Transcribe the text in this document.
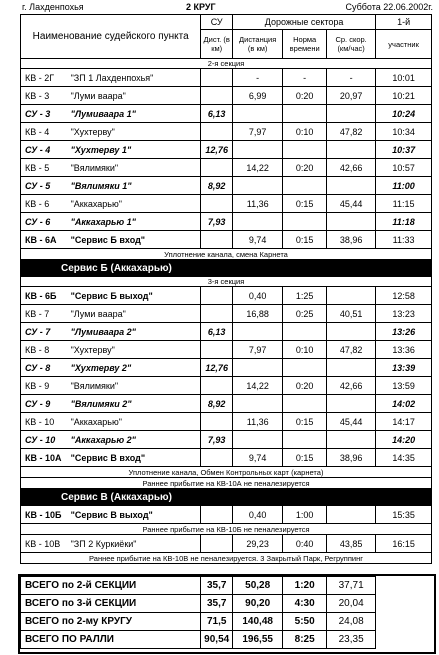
г. Лахденпохья	2 КРУГ	Суббота 22.06.2002г.
Наименование судейского пункта		СУ	Дорожные сектора			1-й
		Дист. (в км)	Дистанция (в км)	Норма времени	Ср. скор. (км/час)	участник
2-я секция						
КВ - 2Г	"ЗП 1 Лахденпохья"		-	-	-	10:01
КВ - 3	"Луми ваара"		6,99	0:20	20,97	10:21
СУ - 3	"Лумиваара 1"	6,13				10:24
КВ - 4	"Хухтерву"		7,97	0:10	47,82	10:34
СУ - 4	"Хухтерву 1"	12,76				10:37
КВ - 5	"Вялимяки"		14,22	0:20	42,66	10:57
СУ - 5	"Вялимяки 1"	8,92				11:00
КВ - 6	"Аккахарью"		11,36	0:15	45,44	11:15
СУ - 6	"Аккахарью 1"	7,93				11:18
КВ - 6А	"Сервис Б вход"		9,74	0:15	38,96	11:33
Уплотнение канала, смена Карнета						
Сервис Б (Аккахарью)						
3-я секция						
КВ - 6Б	"Сервис Б выход"		0,40	1:25		12:58
КВ - 7	"Луми ваара"		16,88	0:25	40,51	13:23
СУ - 7	"Лумиваара 2"	6,13				13:26
КВ - 8	"Хухтерву"		7,97	0:10	47,82	13:36
СУ - 8	"Хухтерву 2"	12,76				13:39
КВ - 9	"Вялимяки"		14,22	0:20	42,66	13:59
СУ - 9	"Вялимяки 2"	8,92				14:02
КВ - 10	"Аккахарью"		11,36	0:15	45,44	14:17
СУ - 10	"Аккахарью 2"	7,93				14:20
КВ - 10А	"Сервис В вход"		9,74	0:15	38,96	14:35
Уплотнение канала, Обмен Контрольных карт (карнета)						
Раннее прибытие на КВ-10А не пеналезируется						
Сервис В (Аккахарью)						
КВ - 10Б	"Сервис В выход"		0,40	1:00		15:35
Раннее прибытие на КВ-10Б не пеналезируется						
КВ - 10В	"ЗП 2 Куркиёки"		29,23	0:40	43,85	16:15
Раннее прибытие на КВ-10В не пеналезируется. 3 Закрытый Парк, Регруппинг						
ВСЕГО по 2-й СЕКЦИИ	35,7	50,28	1:20	37,71
ВСЕГО по 3-й СЕКЦИИ	35,7	90,20	4:30	20,04
ВСЕГО по 2-му КРУГУ	71,5	140,48	5:50	24,08
ВСЕГО ПО РАЛЛИ	90,54	196,55	8:25	23,35
